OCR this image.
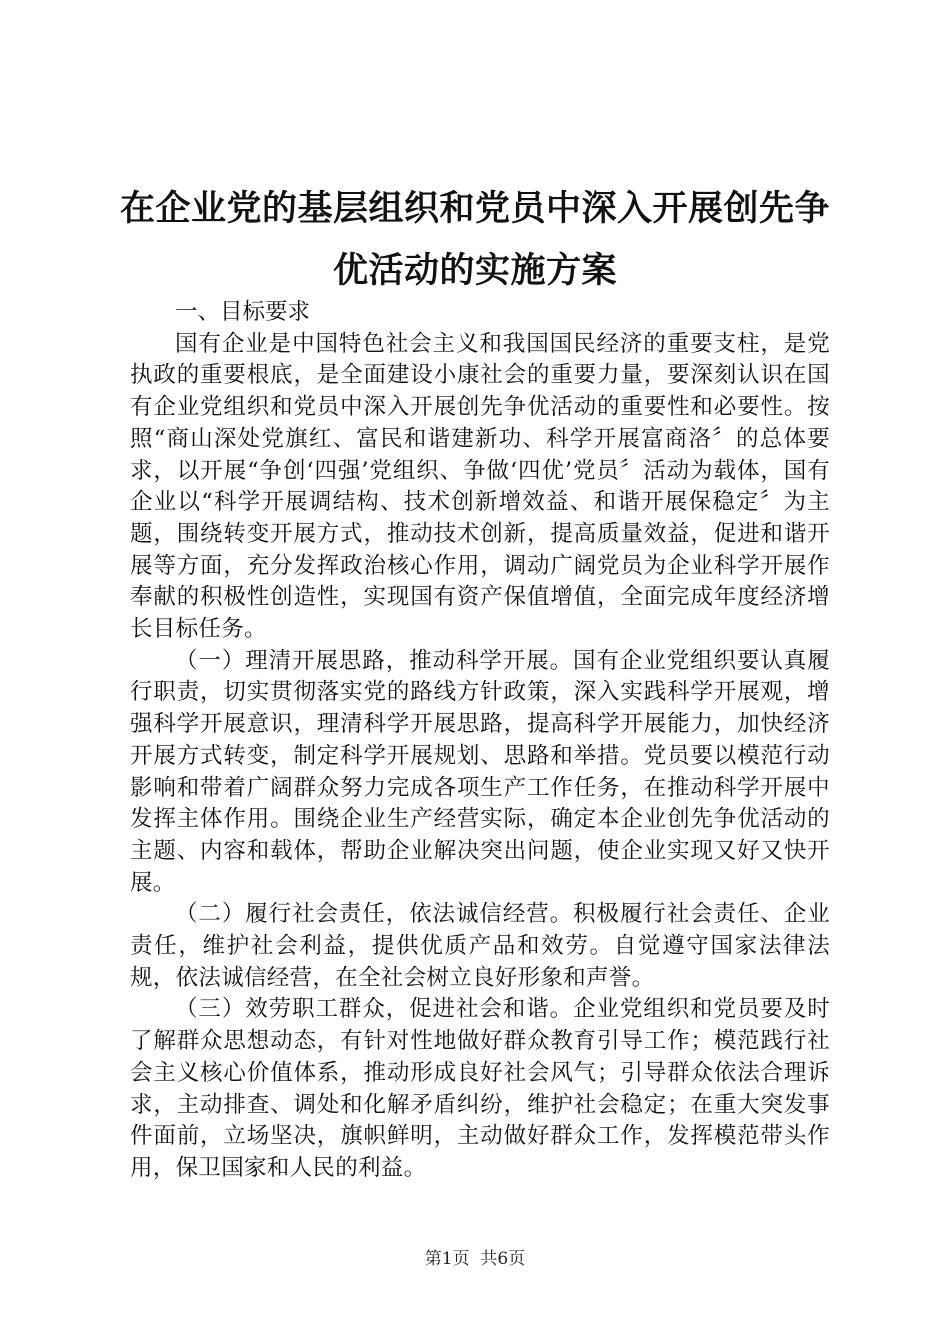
在企业党的基层组织和党员中深入开展创先争优活动的实施方案

一、目标要求

国有企业是中国特色社会主义和我国国民经济的重要支柱，是党执政的重要根底，是全面建设小康社会的重要力量，要深刻认识在国有企业党组织和党员中深入开展创先争优活动的重要性和必要性。按照“商山深处党旗红、富民和谐建新功、科学开展富商洛〞的总体要求，以开展“争创‘四强’党组织、争做‘四优’党员〞活动为载体，国有企业以“科学开展调结构、技术创新增效益、和谐开展保稳定〞为主题，围绕转变开展方式，推动技术创新，提高质量效益，促进和谐开展等方面，充分发挥政治核心作用，调动广阔党员为企业科学开展作奉献的积极性创造性，实现国有资产保值增值，全面完成年度经济增长目标任务。

（一）理清开展思路，推动科学开展。国有企业党组织要认真履行职责，切实贯彻落实党的路线方针政策，深入实践科学开展观，增强科学开展意识，理清科学开展思路，提高科学开展能力，加快经济开展方式转变，制定科学开展规划、思路和举措。党员要以模范行动影响和带着广阔群众努力完成各项生产工作任务，在推动科学开展中发挥主体作用。围绕企业生产经营实际，确定本企业创先争优活动的主题、内容和载体，帮助企业解决突出问题，使企业实现又好又快开展。

（二）履行社会责任，依法诚信经营。积极履行社会责任、企业责任，维护社会利益，提供优质产品和效劳。自觉遵守国家法律法规，依法诚信经营，在全社会树立良好形象和声誉。

（三）效劳职工群众，促进社会和谐。企业党组织和党员要及时了解群众思想动态，有针对性地做好群众教育引导工作；模范践行社会主义核心价值体系，推动形成良好社会风气；引导群众依法合理诉求，主动排查、调处和化解矛盾纠纷，维护社会稳定；在重大突发事件面前，立场坚决，旗帜鲜明，主动做好群众工作，发挥模范带头作用，保卫国家和人民的利益。

第1页 共6页
